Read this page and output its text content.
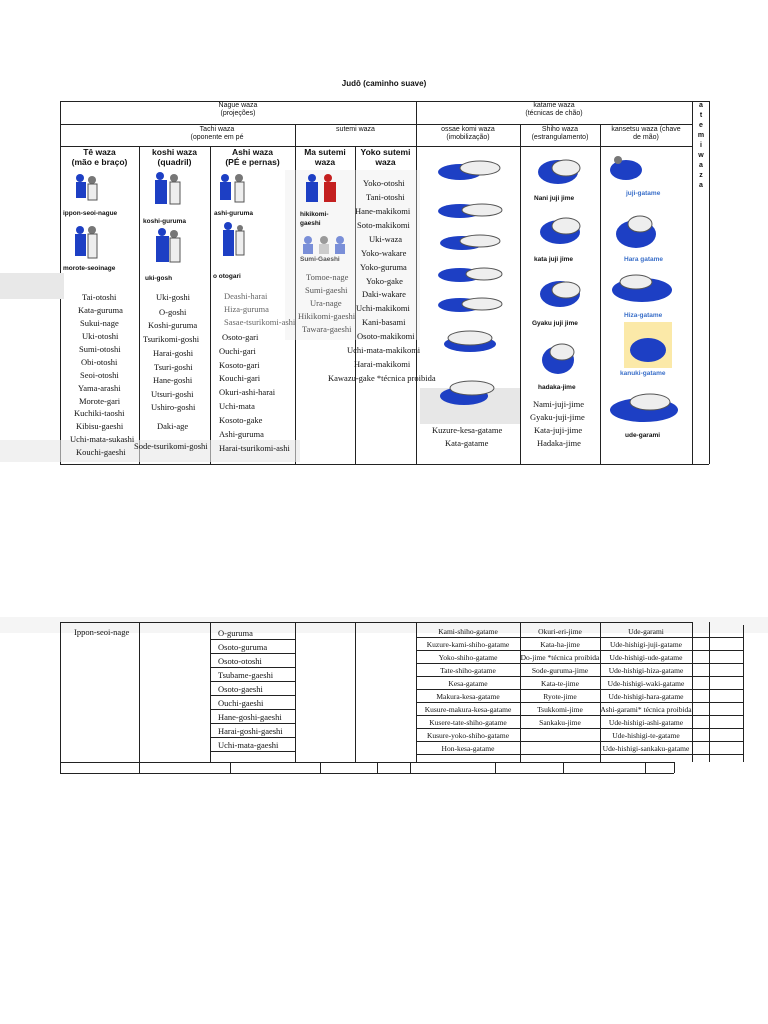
Judô (caminho suave)
Nague waza
(projeções)
katame waza
(técnicas de chão)
a
t
e
m
i
w
a
z
a
Tachi waza
(oponente em pé
sutemi waza	ossae komi waza
(imobilização)
Shiho waza
(estrangulamento)
kansetsu waza (chave
de mão)
Tê waza
(mão e braço)
koshi waza
(quadril)
Ashi waza
(PÉ e pernas)
Ma sutemi
waza
Yoko sutemi
waza
ippon-seoi-nague
morote-seoinage
koshi-guruma
uki-gosh
ashi-guruma
o otogari
hikikomi-
gaeshi
Sumi-Gaeshi
Nani juji jime
kata juji jime
Gyaku juji jime
hadaka-jime
juji-gatame
Hara gatame
Hiza-gatame
kanuki-gatame
ude-garami
Tai-otoshi
Kata-guruma
Sukui-nage
Uki-otoshi
Sumi-otoshi
Obi-otoshi
Seoi-otoshi
Yama-arashi
Morote-gari
Kuchiki-taoshi
Kibisu-gaeshi
Uchi-mata-sukashi
Kouchi-gaeshi
Uki-goshi
O-goshi
Koshi-guruma
Tsurikomi-goshi
Harai-goshi
Tsuri-goshi
Hane-goshi
Utsuri-goshi
Ushiro-goshi
Daki-age
Sode-tsurikomi-goshi
Deashi-harai
Hiza-guruma
Sasae-tsurikomi-ashi
Osoto-gari
Ouchi-gari
Kosoto-gari
Kouchi-gari
Okuri-ashi-harai
Uchi-mata
Kosoto-gake
Ashi-guruma
Harai-tsurikomi-ashi
Tomoe-nage
Sumi-gaeshi
Ura-nage
Hikikomi-gaeshi
Tawara-gaeshi
Yoko-otoshi
Tani-otoshi
Hane-makikomi
Soto-makikomi
Uki-waza
Yoko-wakare
Yoko-guruma
Yoko-gake
Daki-wakare
Uchi-makikomi
Kani-basami
Osoto-makikomi
Uchi-mata-makikomi
Harai-makikomi
Kawazu-gake *técnica proibida
Kuzure-kesa-gatame
Kata-gatame
Nami-juji-jime
Gyaku-juji-jime
Kata-juji-jime
Hadaka-jime
Ippon-seoi-nage	O-guruma
Osoto-guruma
Osoto-otoshi
Tsubame-gaeshi
Osoto-gaeshi
Ouchi-gaeshi
Hane-goshi-gaeshi
Harai-goshi-gaeshi
Uchi-mata-gaeshi
Kami-shiho-gatame
Kuzure-kami-shiho-gatame
Yoko-shiho-gatame
Tate-shiho-gatame
Kesa-gatame
Makura-kesa-gatame
Kusure-makura-kesa-gatame
Kusere-tate-shiho-gatame
Kusure-yoko-shiho-gatame
Hon-kesa-gatame
Okuri-eri-jime
Kata-ha-jime
Do-jime *técnica proibida
Sode-guruma-jime
Kata-te-jime
Ryote-jime
Tsukkomi-jime
Sankaku-jime
Ude-garami
Ude-hishigi-juji-gatame
Ude-hishigi-ude-gatame
Ude-hishigi-hiza-gatame
Ude-hishigi-waki-gatame
Ude-hishigi-hara-gatame
Ashi-garami* técnica proibida
Ude-hishigi-ashi-gatame
Ude-hishigi-te-gatame
Ude-hishigi-sankaku-gatame
